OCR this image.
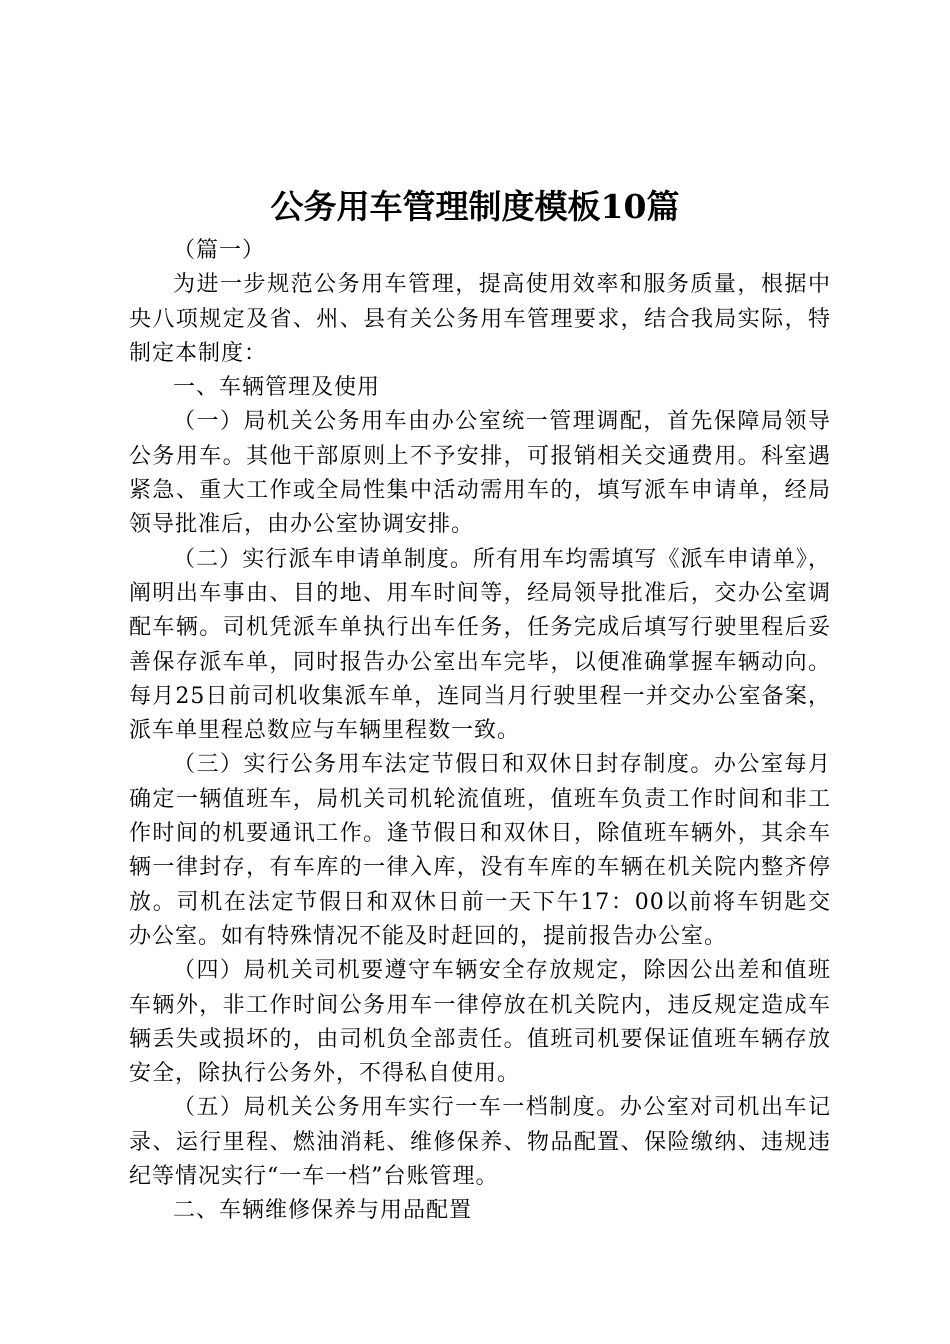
公务用车管理制度模板10篇

（篇一）

为进一步规范公务用车管理，提高使用效率和服务质量，根据中央八项规定及省、州、县有关公务用车管理要求，结合我局实际，特制定本制度：

一、车辆管理及使用

（一）局机关公务用车由办公室统一管理调配，首先保障局领导公务用车。其他干部原则上不予安排，可报销相关交通费用。科室遇紧急、重大工作或全局性集中活动需用车的，填写派车申请单，经局领导批准后，由办公室协调安排。

（二）实行派车申请单制度。所有用车均需填写《派车申请单》，阐明出车事由、目的地、用车时间等，经局领导批准后，交办公室调配车辆。司机凭派车单执行出车任务，任务完成后填写行驶里程后妥善保存派车单，同时报告办公室出车完毕，以便准确掌握车辆动向。每月25日前司机收集派车单，连同当月行驶里程一并交办公室备案，派车单里程总数应与车辆里程数一致。

（三）实行公务用车法定节假日和双休日封存制度。办公室每月确定一辆值班车，局机关司机轮流值班，值班车负责工作时间和非工作时间的机要通讯工作。逢节假日和双休日，除值班车辆外，其余车辆一律封存，有车库的一律入库，没有车库的车辆在机关院内整齐停放。司机在法定节假日和双休日前一天下午17：00以前将车钥匙交办公室。如有特殊情况不能及时赶回的，提前报告办公室。

（四）局机关司机要遵守车辆安全存放规定，除因公出差和值班车辆外，非工作时间公务用车一律停放在机关院内，违反规定造成车辆丢失或损坏的，由司机负全部责任。值班司机要保证值班车辆存放安全，除执行公务外，不得私自使用。

（五）局机关公务用车实行一车一档制度。办公室对司机出车记录、运行里程、燃油消耗、维修保养、物品配置、保险缴纳、违规违纪等情况实行“一车一档”台账管理。

二、车辆维修保养与用品配置
